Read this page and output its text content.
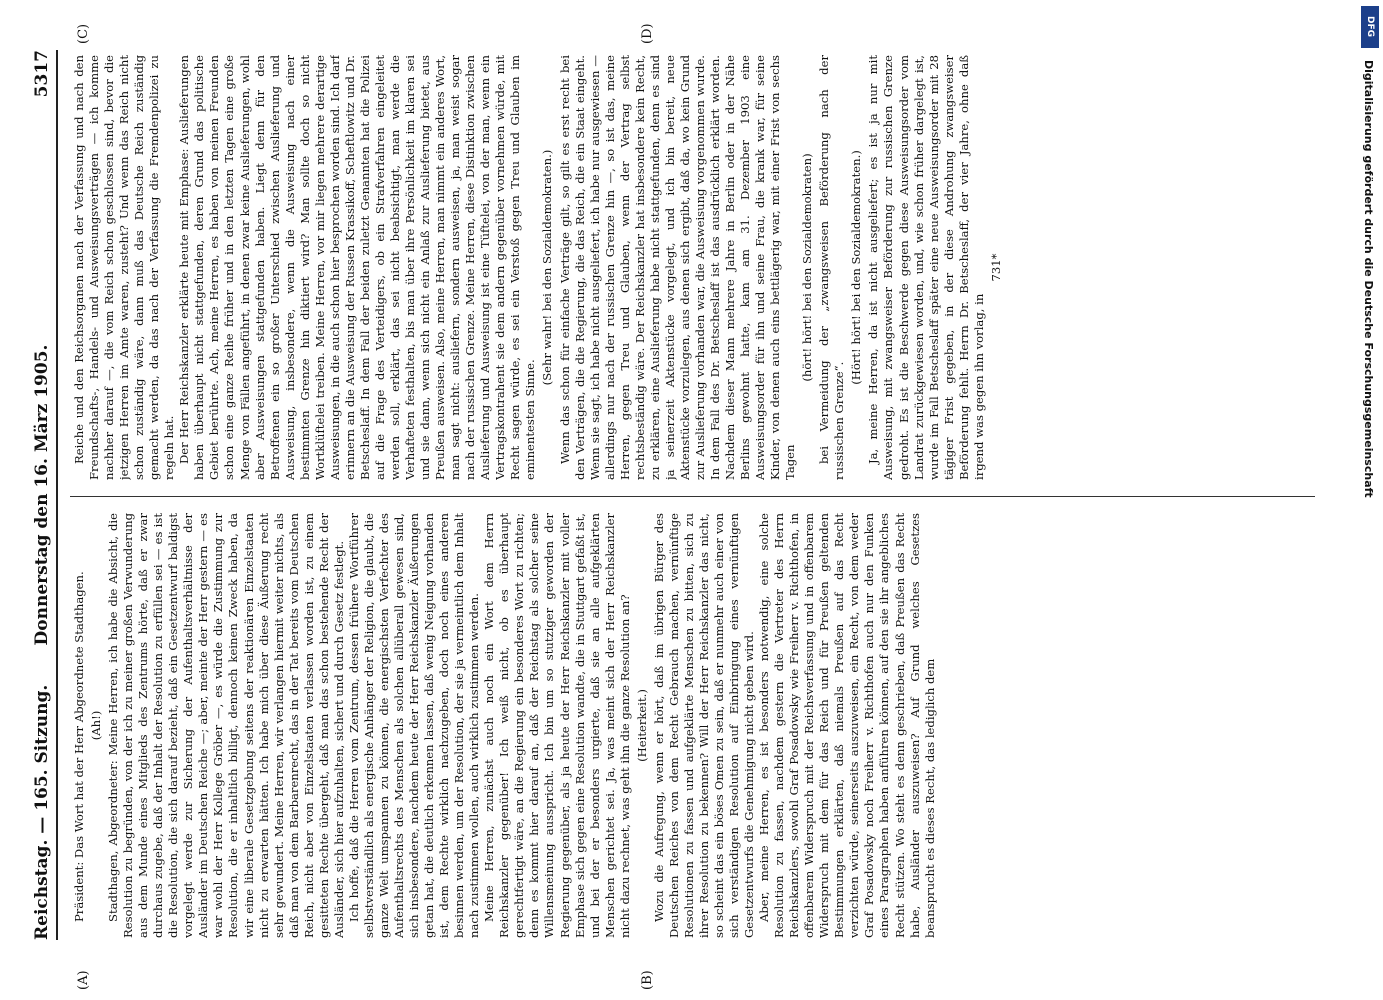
Reichstag. — 165. Sitzung.
Donnerstag den 16. März 1905.
5317
(A)	(B)
(C)	(D)

Präsident: Das Wort hat der Herr Abgeordnete Stadthagen. (Ah!) Stadthagen, Abgeordneter: Meine Herren, ich habe die Absicht, die Resolution zu begründen, von der ich zu meiner großen Verwunderung aus dem Munde eines Mitglieds des Zentrums hörte, daß er zwar durchaus zugebe, daß der Inhalt der Resolution zu erfüllen sei — es ist die Resolution, die sich darauf bezieht, daß ein Gesetzentwurf baldigst vorgelegt werde zur Sicherung der Aufenthaltsverhältnisse der Ausländer im Deutschen Reiche —; aber, meinte der Herr gestern — es war wohl der Herr Kollege Gröber —, es würde die Zustimmung zur Resolution, die er inhaltlich billigt, dennoch keinen Zweck haben, da wir eine liberale Gesetzgebung seitens der reaktionären Einzelstaaten nicht zu erwarten hätten. Ich habe mich über diese Äußerung recht sehr gewundert. Meine Herren, wir verlangen hiermit weiter nichts, als daß man von dem Barbarenrecht, das in der Tat bereits vom Deutschen Reich, nicht aber von Einzelstaaten verlassen worden ist, zu einem gesitteten Rechte übergeht, daß man das schon bestehende Recht der Ausländer, sich hier aufzuhalten, sichert und durch Gesetz festlegt. Ich hoffe, daß die Herren vom Zentrum, dessen frühere Wortführer selbstverständlich als energische Anhänger der Religion, die glaubt, die ganze Welt umspannen zu können, die energischsten Verfechter des Aufenthaltsrechts des Menschen als solchen allüberall gewesen sind, sich insbesondere, nachdem heute der Herr Reichskanzler Äußerungen getan hat, die deutlich erkennen lassen, daß wenig Neigung vorhanden ist, dem Rechte wirklich nachzugeben, doch noch eines anderen besinnen werden, um der Resolution, der sie ja vermeintlich dem Inhalt nach zustimmen wollen, auch wirklich zustimmen werden. Meine Herren, zunächst auch noch ein Wort dem Herrn Reichskanzler gegenüber! Ich weiß nicht, ob es überhaupt gerechtfertigt wäre, an die Regierung ein besonderes Wort zu richten; denn es kommt hier darauf an, daß der Reichstag als solcher seine Willensmeinung ausspricht. Ich bin um so stutziger geworden der Regierung gegenüber, als ja heute der Herr Reichskanzler mit voller Emphase sich gegen eine Resolution wandte, die in Stuttgart gefaßt ist, und bei der er besonders urgierte, daß sie an alle aufgeklärten Menschen gerichtet sei. Ja, was meint sich der Herr Reichskanzler nicht dazu rechnet, was geht ihn die ganze Resolution an? (Heiterkeit.) Wozu die Aufregung, wenn er hört, daß im übrigen Bürger des Deutschen Reiches von dem Recht Gebrauch machen, vernünftige Resolutionen zu fassen und aufgeklärte Menschen zu bitten, sich zu ihrer Resolution zu bekennen? Will der Herr Reichskanzler das nicht, so scheint das ein böses Omen zu sein, daß er nunmehr auch einer von sich verständigen Resolution auf Einbringung eines vernünftigen Gesetzentwurfs die Genehmigung nicht geben wird. Aber, meine Herren, es ist besonders notwendig, eine solche Resolution zu fassen, nachdem gestern die Vertreter des Herrn Reichskanzlers, sowohl Graf Posadowsky wie Freiherr v. Richthofen, in offenbarem Widerspruch mit der Reichsverfassung und in offenbarem Widerspruch mit dem für das Reich und für Preußen geltenden Bestimmungen erklärten, daß niemals Preußen auf das Recht verzichten würde, seinerseits auszuweisen, ein Recht, von dem weder Graf Posadowsky noch Freiherr v. Richthofen auch nur den Funken eines Paragraphen haben anführen können, auf den sie ihr angebliches Recht stützen. Wo steht es denn geschrieben, daß Preußen das Recht habe, Ausländer auszuweisen? Auf Grund welches Gesetzes beansprucht es dieses Recht, das lediglich dem

Reiche und den Reichsorganen nach der Verfassung und nach den Freundschafts-, Handels- und Ausweisungsverträgen — ich komme nachher darauf —, die vom Reich schon geschlossen sind, bevor die jetzigen Herren im Amte waren, zusteht? Und wenn das Reich nicht schon zuständig wäre, dann muß das Deutsche Reich zuständig gemacht werden, da das nach der Verfassung die Fremdenpolizei zu regeln hat. Der Herr Reichskanzler erklärte heute mit Emphase: Auslieferungen haben überhaupt nicht stattgefunden, deren Grund das politische Gebiet berührte. Ach, meine Herren, es haben von meinen Freunden schon eine ganze Reihe früher und in den letzten Tagen eine große Menge von Fällen angeführt, in denen zwar keine Auslieferungen, wohl aber Ausweisungen stattgefunden haben. Liegt denn für den Betroffenen ein so großer Unterschied zwischen Auslieferung und Ausweisung, insbesondere, wenn die Ausweisung nach einer bestimmten Grenze hin diktiert wird? Man sollte doch so nicht Wortklüftelei treiben. Meine Herren, vor mir liegen mehrere derartige Ausweisungen, in die auch schon hier besprochen worden sind. Ich darf erinnern an die Ausweisung der Russen Krassikoff, Scheftlowitz und Dr. Betscheslaff. In dem Fall der beiden zuletzt Genannten hat die Polizei auf die Frage des Verteidigers, ob ein Strafverfahren eingeleitet werden soll, erklärt, das sei nicht beabsichtigt, man werde die Verhafteten festhalten, bis man über ihre Persönlichkeit im klaren sei und sie dann, wenn sich nicht ein Anlaß zur Auslieferung bietet, aus Preußen ausweisen. Also, meine Herren, man nimmt ein anderes Wort, man sagt nicht: ausliefern, sondern ausweisen, ja, man weist sogar nach der russischen Grenze. Meine Herren, diese Distinktion zwischen Auslieferung und Ausweisung ist eine Tüftelei, von der man, wenn ein Vertragskontrahent sie dem andern gegenüber vornehmen würde, mit Recht sagen würde, es sei ein Verstoß gegen Treu und Glauben im eminentesten Sinne.

(Sehr wahr! bei den Sozialdemokraten.) Wenn das schon für einfache Verträge gilt, so gilt es erst recht bei den Verträgen, die die Regierung, die das Reich, die ein Staat eingeht. Wenn sie sagt, ich habe nicht ausgeliefert, ich habe nur ausgewiesen — allerdings nur nach der russischen Grenze hin —, so ist das, meine Herren, gegen Treu und Glauben, wenn der Vertrag selbst rechtsbeständig wäre. Der Reichskanzler hat insbesondere kein Recht, zu erklären, eine Auslieferung habe nicht stattgefunden, denn es sind ja seinerzeit Aktenstücke vorgelegt, und ich bin bereit, neue Aktenstücke vorzulegen, aus denen sich ergibt, daß da, wo kein Grund zur Auslieferung vorhanden war, die Ausweisung vorgenommen wurde. In dem Fall des Dr. Betscheslaff ist das ausdrücklich erklärt worden. Nachdem dieser Mann mehrere Jahre in Berlin oder in der Nähe Berlins gewohnt hatte, kam am 31. Dezember 1903 eine Ausweisungsorder für ihn und seine Frau, die krank war, für seine Kinder, von denen auch eins bettlägerig war, mit einer Frist von sechs Tagen

(hört! hört! bei den Sozialdemokraten) bei Vermeidung der „zwangsweisen Beförderung nach der russischen Grenze“.

(Hört! hört! bei den Sozialdemokraten.) Ja, meine Herren, da ist nicht ausgeliefert; es ist ja nur mit Ausweisung, mit zwangsweiser Beförderung zur russischen Grenze gedroht. Es ist die Beschwerde gegen diese Ausweisungsorder vom Landrat zurückgewiesen worden, und, wie schon früher dargelegt ist, wurde im Fall Betscheslaff später eine neue Ausweisungsorder mit 28 tägiger Frist gegeben, in der diese Androhung zwangsweiser Beförderung fehlt. Herrn Dr. Betscheslaff, der vier Jahre, ohne daß irgend was gegen ihn vorlag, in

731*	Digitalisierung gefördert durch die Deutsche Forschungsgemeinschaft
DFG
